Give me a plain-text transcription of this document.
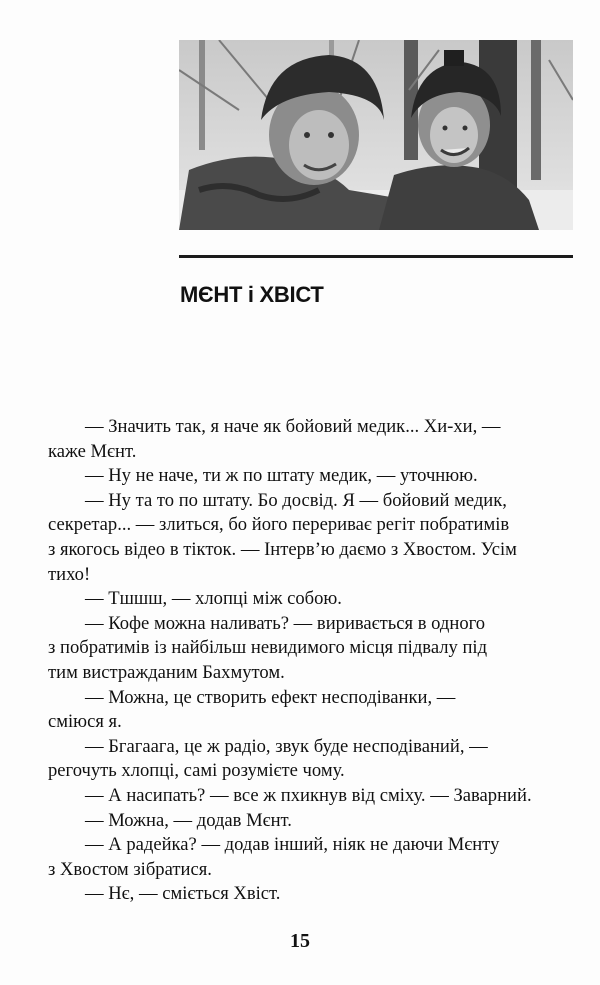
МЄНТ і ХВІСТ

— Значить так, я наче як бойовий медик... Хи-хи, —

каже Мєнт.

— Ну не наче, ти ж по штату медик, — уточнюю.

— Ну та то по штату. Бо досвід. Я — бойовий медик,

секретар... — злиться, бо його перериває регіт побратимів

з якогось відео в тікток. — Інтерв’ю даємо з Хвостом. Усім

тихо!

— Тшшш, — хлопці між собою.

— Кофе можна наливать? — виривається в одного

з побратимів із найбільш невидимого місця підвалу під

тим вистражданим Бахмутом.

— Можна, це створить ефект несподіванки, —

сміюся я.

— Бгагаага, це ж радіо, звук буде несподіваний, —

регочуть хлопці, самі розумієте чому.

— А насипать? — все ж пхикнув від сміху. — Заварний.

— Можна, — додав Мєнт.

— А радейка? — додав інший, ніяк не даючи Мєнту

з Хвостом зібратися.

— Нє, — сміється Хвіст.

15
